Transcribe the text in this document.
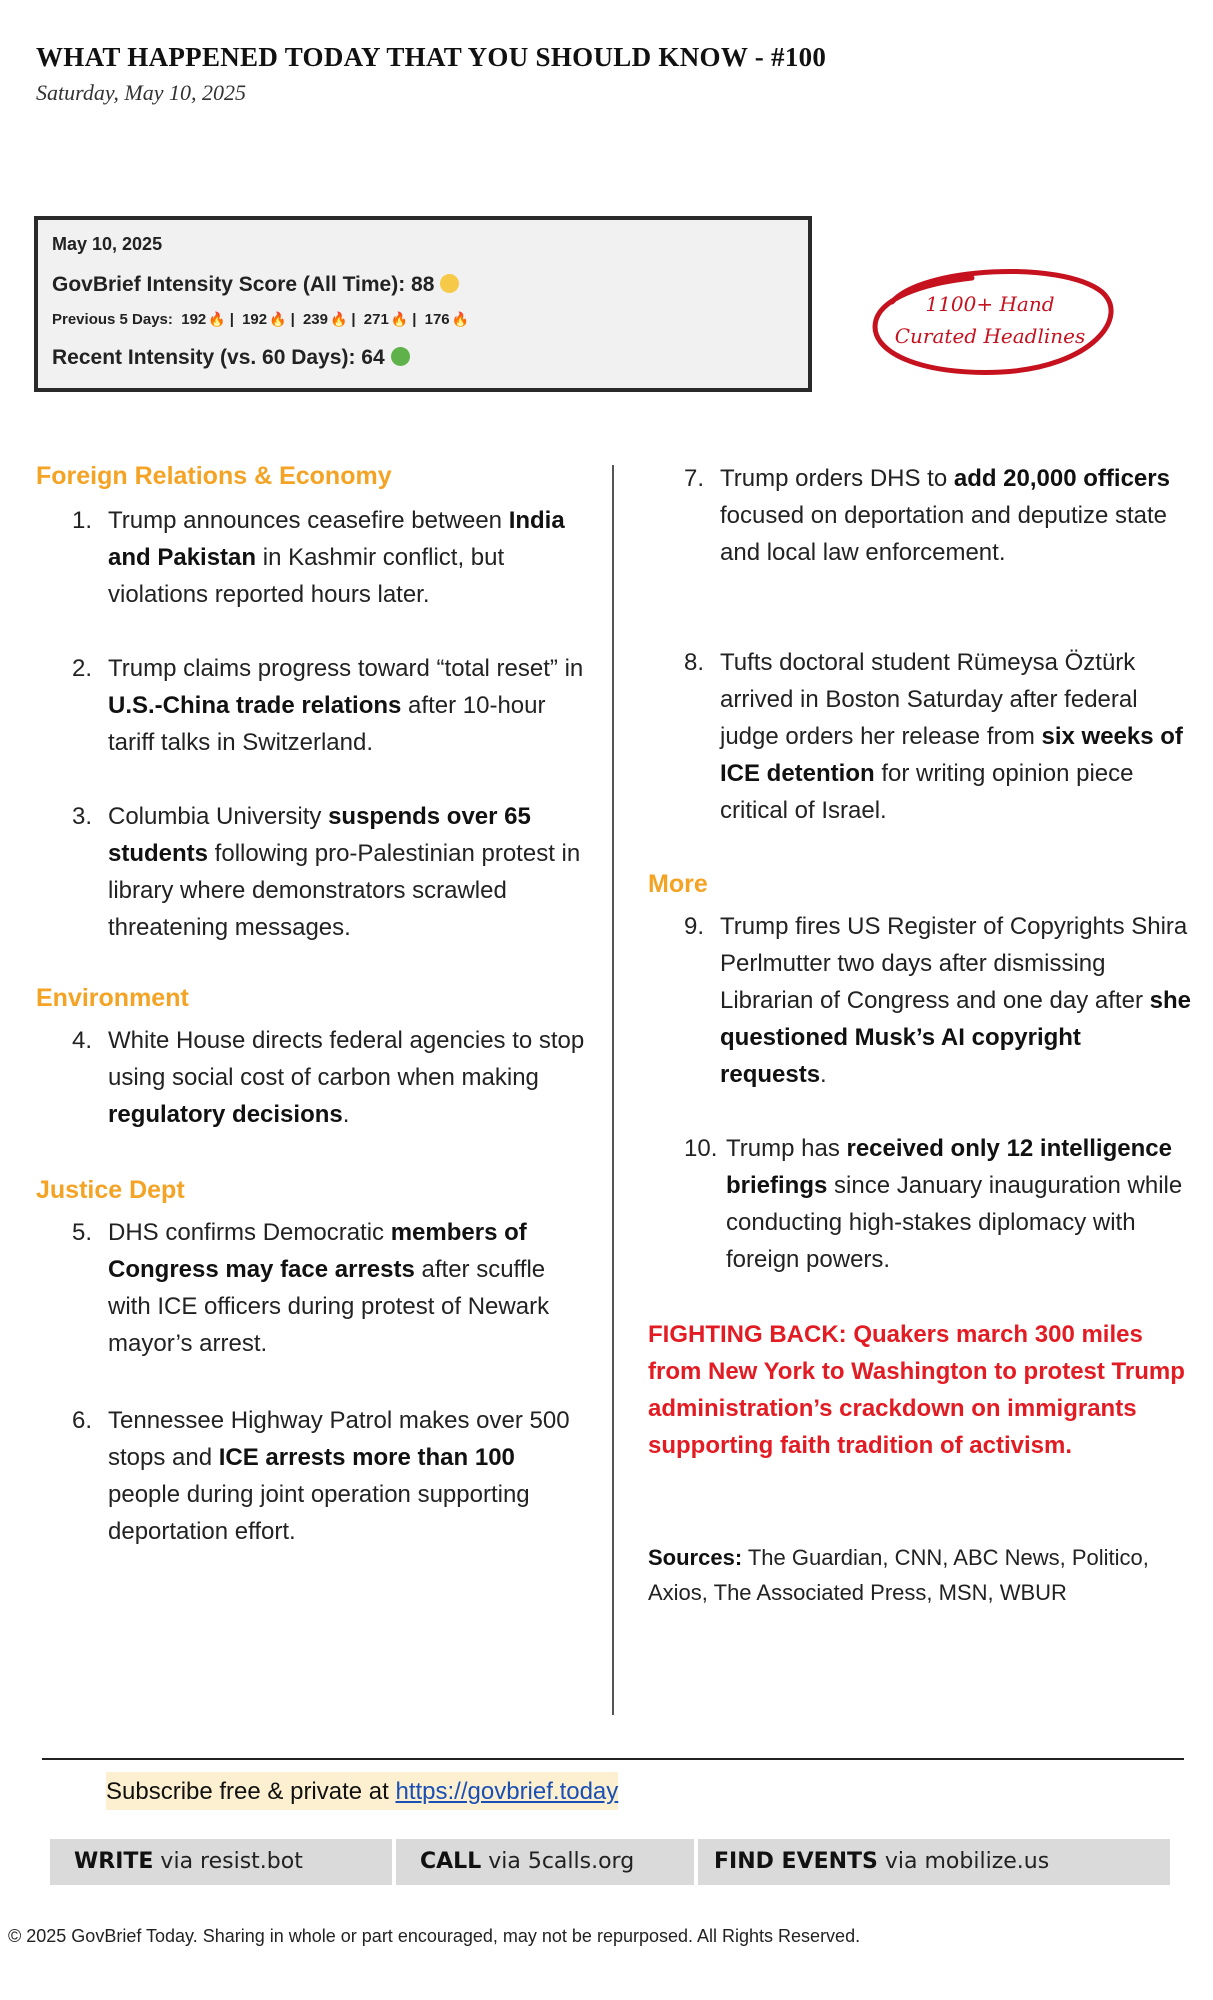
WHAT HAPPENED TODAY THAT YOU SHOULD KNOW - #100
Saturday, May 10, 2025
May 10, 2025
GovBrief Intensity Score (All Time): 88
Previous 5 Days: 192 🔥 | 192 🔥 | 239 🔥 | 271 🔥 | 176 🔥
Recent Intensity (vs. 60 Days): 64
1100+ Hand
Curated Headlines
Foreign Relations & Economy
1. Trump announces ceasefire between India and Pakistan in Kashmir conflict, but violations reported hours later.
2. Trump claims progress toward “total reset” in U.S.-China trade relations after 10-hour tariff talks in Switzerland.
3. Columbia University suspends over 65 students following pro-Palestinian protest in library where demonstrators scrawled threatening messages.
Environment
4. White House directs federal agencies to stop using social cost of carbon when making regulatory decisions.
Justice Dept
5. DHS confirms Democratic members of Congress may face arrests after scuffle with ICE officers during protest of Newark mayor’s arrest.
6. Tennessee Highway Patrol makes over 500 stops and ICE arrests more than 100 people during joint operation supporting deportation effort.
7. Trump orders DHS to add 20,000 officers focused on deportation and deputize state and local law enforcement.
8. Tufts doctoral student Rümeysa Öztürk arrived in Boston Saturday after federal judge orders her release from six weeks of ICE detention for writing opinion piece critical of Israel.
More
9. Trump fires US Register of Copyrights Shira Perlmutter two days after dismissing Librarian of Congress and one day after she questioned Musk’s AI copyright requests.
10. Trump has received only 12 intelligence briefings since January inauguration while conducting high-stakes diplomacy with foreign powers.
FIGHTING BACK: Quakers march 300 miles from New York to Washington to protest Trump administration’s crackdown on immigrants supporting faith tradition of activism.
Sources: The Guardian, CNN, ABC News, Politico, Axios, The Associated Press, MSN, WBUR
Subscribe free & private at https://govbrief.today
WRITE via resist.bot	CALL via 5calls.org	FIND EVENTS via mobilize.us
© 2025 GovBrief Today. Sharing in whole or part encouraged, may not be repurposed. All Rights Reserved.
